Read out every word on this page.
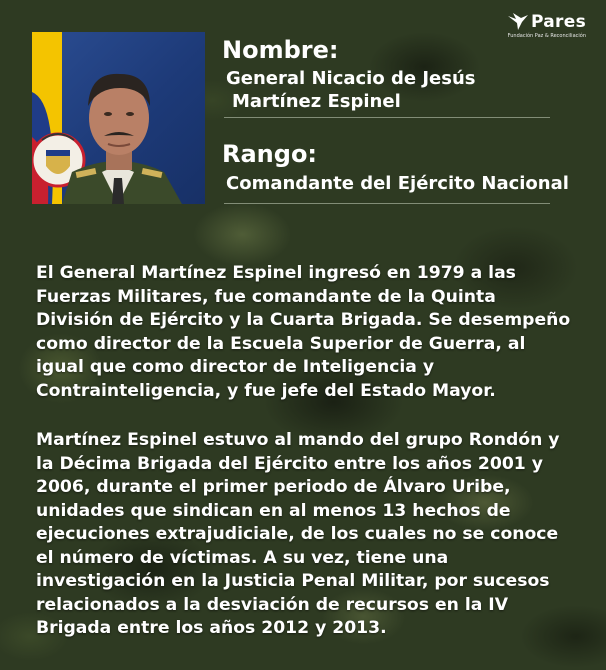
Pares
Fundación Paz & Reconciliación
Nombre:
General Nicacio de Jesús
Martínez Espinel
Rango:
Comandante del Ejército Nacional
El General Martínez Espinel ingresó en 1979 a las
Fuerzas Militares, fue comandante de la Quinta
División de Ejército y la Cuarta Brigada. Se desempeño
como director de la Escuela Superior de Guerra, al
igual que como director de Inteligencia y
Contrainteligencia, y fue jefe del Estado Mayor.
Martínez Espinel estuvo al mando del grupo Rondón y
la Décima Brigada del Ejército entre los años 2001 y
2006, durante el primer periodo de Álvaro Uribe,
unidades que sindican en al menos 13 hechos de
ejecuciones extrajudiciale, de los cuales no se conoce
el número de víctimas. A su vez, tiene una
investigación en la Justicia Penal Militar, por sucesos
relacionados a la desviación de recursos en la IV
Brigada entre los años 2012 y 2013.
